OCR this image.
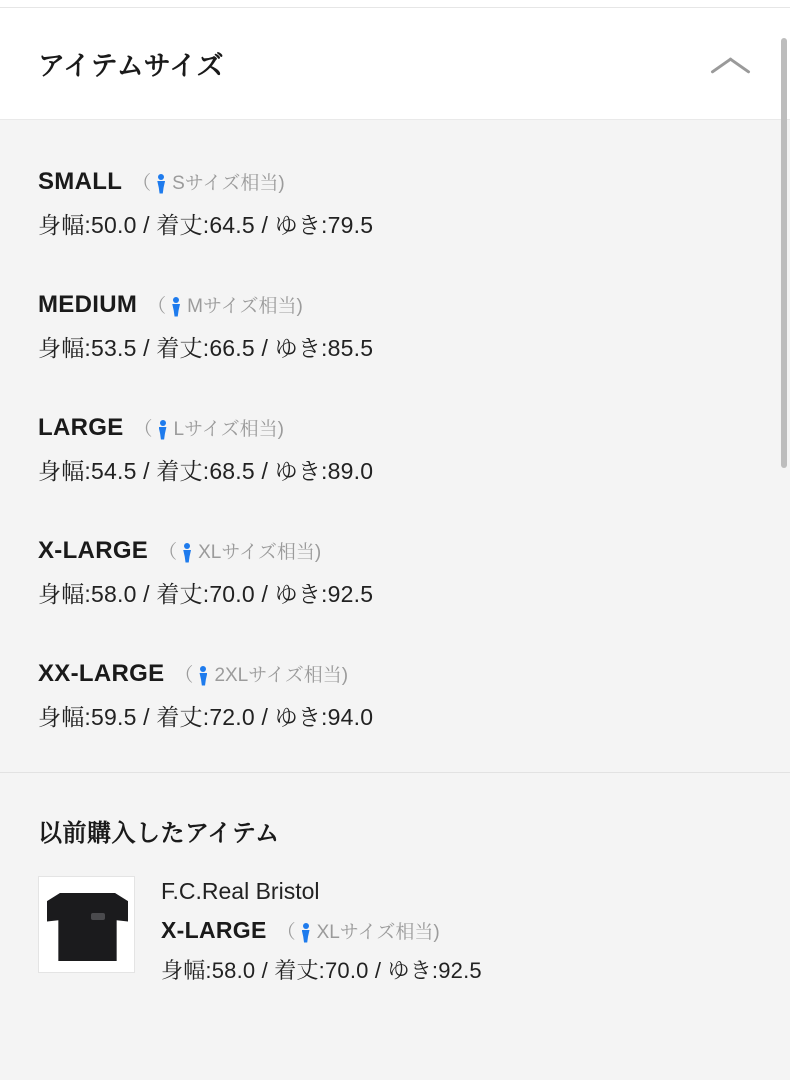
アイテムサイズ
SMALL （ Sサイズ相当)
身幅:50.0 / 着丈:64.5 / ゆき:79.5
MEDIUM （ Mサイズ相当)
身幅:53.5 / 着丈:66.5 / ゆき:85.5
LARGE （ Lサイズ相当)
身幅:54.5 / 着丈:68.5 / ゆき:89.0
X-LARGE （ XLサイズ相当)
身幅:58.0 / 着丈:70.0 / ゆき:92.5
XX-LARGE （ 2XLサイズ相当)
身幅:59.5 / 着丈:72.0 / ゆき:94.0
以前購入したアイテム
F.C.Real Bristol
X-LARGE （ XLサイズ相当)
身幅:58.0 / 着丈:70.0 / ゆき:92.5
